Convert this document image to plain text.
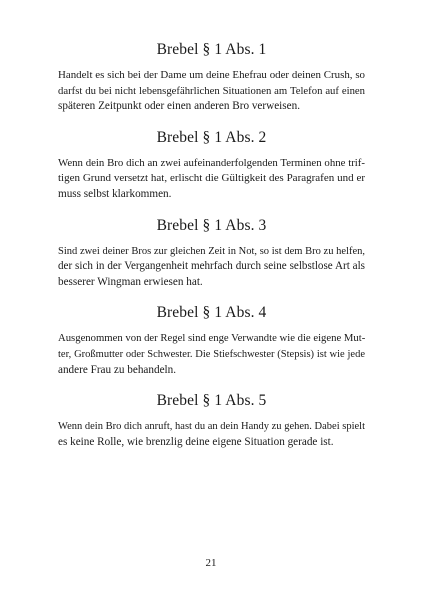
Brebel § 1 Abs. 1

Handelt es sich bei der Dame um deine Ehefrau oder deinen Crush, so
darfst du bei nicht lebensgefährlichen Situationen am Telefon auf einen
späteren Zeitpunkt oder einen anderen Bro verweisen.

Brebel § 1 Abs. 2

Wenn dein Bro dich an zwei aufeinanderfolgenden Terminen ohne trif-
tigen Grund versetzt hat, erlischt die Gültigkeit des Paragrafen und er
muss selbst klarkommen.

Brebel § 1 Abs. 3

Sind zwei deiner Bros zur gleichen Zeit in Not, so ist dem Bro zu helfen,
der sich in der Vergangenheit mehrfach durch seine selbstlose Art als
besserer Wingman erwiesen hat.

Brebel § 1 Abs. 4

Ausgenommen von der Regel sind enge Verwandte wie die eigene Mut-
ter, Großmutter oder Schwester. Die Stiefschwester (Stepsis) ist wie jede
andere Frau zu behandeln.

Brebel § 1 Abs. 5

Wenn dein Bro dich anruft, hast du an dein Handy zu gehen. Dabei spielt
es keine Rolle, wie brenzlig deine eigene Situation gerade ist.

21
